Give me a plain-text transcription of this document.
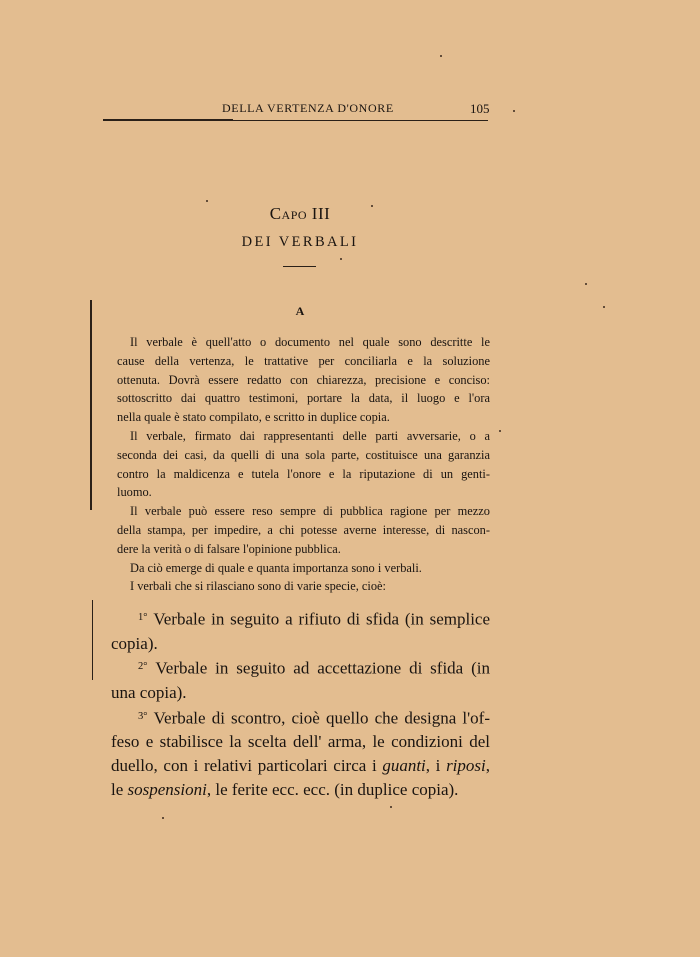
DELLA VERTENZA D'ONORE	105
Capo III
DEI VERBALI
A
Il verbale è quell'atto o documento nel quale sono descritte le
cause della vertenza, le trattative per conciliarla e la soluzione
ottenuta. Dovrà essere redatto con chiarezza, precisione e conciso:
sottoscritto dai quattro testimoni, portare la data, il luogo e l'ora
nella quale è stato compilato, e scritto in duplice copia.
Il verbale, firmato dai rappresentanti delle parti avversarie, o a
seconda dei casi, da quelli di una sola parte, costituisce una garanzia
contro la maldicenza e tutela l'onore e la riputazione di un genti-
luomo.
Il verbale può essere reso sempre di pubblica ragione per mezzo
della stampa, per impedire, a chi potesse averne interesse, di nascon-
dere la verità o di falsare l'opinione pubblica.
Da ciò emerge di quale e quanta importanza sono i verbali.
I verbali che si rilasciano sono di varie specie, cioè:
$^{1^\circ}$ Verbale in seguito a rifiuto di sfida (in semplice
copia).
$^{2^\circ}$ Verbale in seguito ad accettazione di sfida (in
una copia).
$^{3^\circ}$ Verbale di scontro, cioè quello che designa l'of-
feso e stabilisce la scelta dell' arma, le condizioni del
duello, con i relativi particolari circa i guanti, i riposi,
le sospensioni, le ferite ecc. ecc. (in duplice copia).
